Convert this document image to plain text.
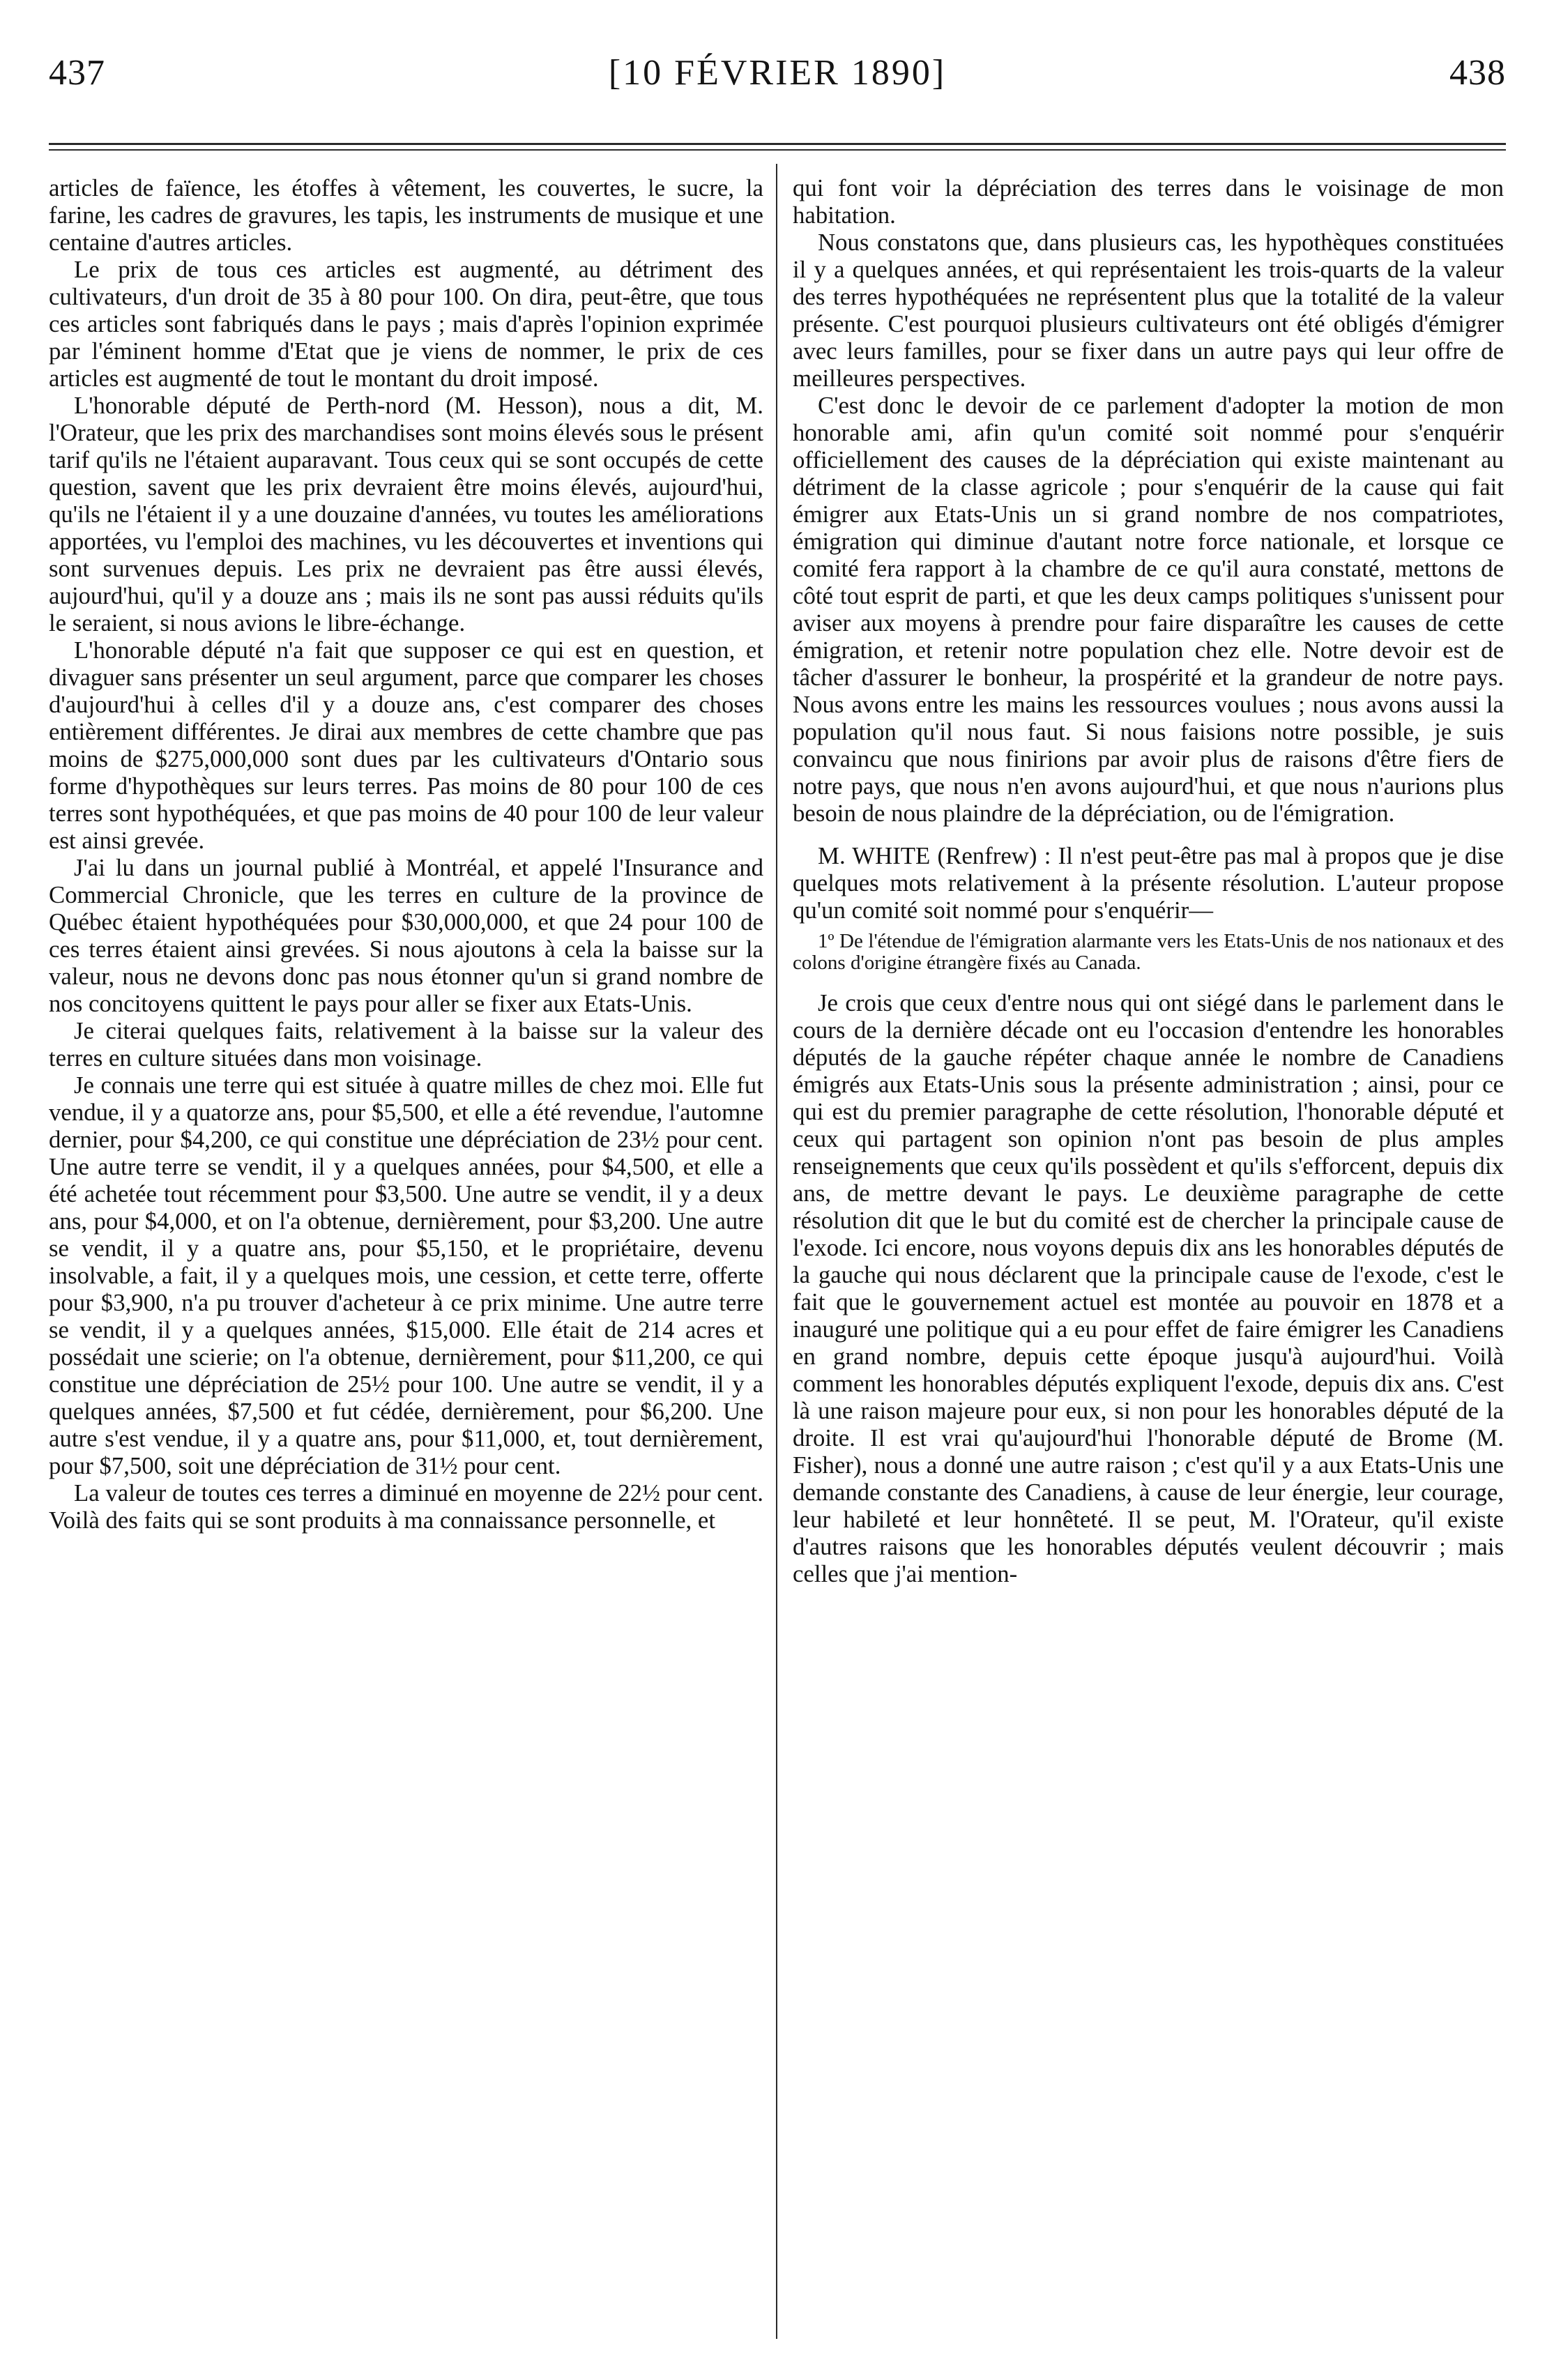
437	[10 FÉVRIER 1890]	438

articles de faïence, les étoffes à vêtement, les couvertes, le sucre, la farine, les cadres de gravures, les tapis, les instruments de musique et une centaine d'autres articles.

Le prix de tous ces articles est augmenté, au détriment des cultivateurs, d'un droit de 35 à 80 pour 100. On dira, peut-être, que tous ces articles sont fabriqués dans le pays ; mais d'après l'opinion exprimée par l'éminent homme d'Etat que je viens de nommer, le prix de ces articles est augmenté de tout le montant du droit imposé.

L'honorable député de Perth-nord (M. Hesson), nous a dit, M. l'Orateur, que les prix des marchandises sont moins élevés sous le présent tarif qu'ils ne l'étaient auparavant. Tous ceux qui se sont occupés de cette question, savent que les prix devraient être moins élevés, aujourd'hui, qu'ils ne l'étaient il y a une douzaine d'années, vu toutes les améliorations apportées, vu l'emploi des machines, vu les découvertes et inventions qui sont survenues depuis. Les prix ne devraient pas être aussi élevés, aujourd'hui, qu'il y a douze ans ; mais ils ne sont pas aussi réduits qu'ils le seraient, si nous avions le libre-échange.

L'honorable député n'a fait que supposer ce qui est en question, et divaguer sans présenter un seul argument, parce que comparer les choses d'aujourd'hui à celles d'il y a douze ans, c'est comparer des choses entièrement différentes. Je dirai aux membres de cette chambre que pas moins de $275,000,000 sont dues par les cultivateurs d'Ontario sous forme d'hypothèques sur leurs terres. Pas moins de 80 pour 100 de ces terres sont hypothéquées, et que pas moins de 40 pour 100 de leur valeur est ainsi grevée.

J'ai lu dans un journal publié à Montréal, et appelé l'Insurance and Commercial Chronicle, que les terres en culture de la province de Québec étaient hypothéquées pour $30,000,000, et que 24 pour 100 de ces terres étaient ainsi grevées. Si nous ajoutons à cela la baisse sur la valeur, nous ne devons donc pas nous étonner qu'un si grand nombre de nos concitoyens quittent le pays pour aller se fixer aux Etats-Unis.

Je citerai quelques faits, relativement à la baisse sur la valeur des terres en culture situées dans mon voisinage.

Je connais une terre qui est située à quatre milles de chez moi. Elle fut vendue, il y a quatorze ans, pour $5,500, et elle a été revendue, l'automne dernier, pour $4,200, ce qui constitue une dépréciation de 23½ pour cent. Une autre terre se vendit, il y a quelques années, pour $4,500, et elle a été achetée tout récemment pour $3,500. Une autre se vendit, il y a deux ans, pour $4,000, et on l'a obtenue, dernièrement, pour $3,200. Une autre se vendit, il y a quatre ans, pour $5,150, et le propriétaire, devenu insolvable, a fait, il y a quelques mois, une cession, et cette terre, offerte pour $3,900, n'a pu trouver d'acheteur à ce prix minime. Une autre terre se vendit, il y a quelques années, $15,000. Elle était de 214 acres et possédait une scierie; on l'a obtenue, dernièrement, pour $11,200, ce qui constitue une dépréciation de 25½ pour 100. Une autre se vendit, il y a quelques années, $7,500 et fut cédée, dernièrement, pour $6,200. Une autre s'est vendue, il y a quatre ans, pour $11,000, et, tout dernièrement, pour $7,500, soit une dépréciation de 31½ pour cent.

La valeur de toutes ces terres a diminué en moyenne de 22½ pour cent. Voilà des faits qui se sont produits à ma connaissance personnelle, et

qui font voir la dépréciation des terres dans le voisinage de mon habitation.

Nous constatons que, dans plusieurs cas, les hypothèques constituées il y a quelques années, et qui représentaient les trois-quarts de la valeur des terres hypothéquées ne représentent plus que la totalité de la valeur présente. C'est pourquoi plusieurs cultivateurs ont été obligés d'émigrer avec leurs familles, pour se fixer dans un autre pays qui leur offre de meilleures perspectives.

C'est donc le devoir de ce parlement d'adopter la motion de mon honorable ami, afin qu'un comité soit nommé pour s'enquérir officiellement des causes de la dépréciation qui existe maintenant au détriment de la classe agricole ; pour s'enquérir de la cause qui fait émigrer aux Etats-Unis un si grand nombre de nos compatriotes, émigration qui diminue d'autant notre force nationale, et lorsque ce comité fera rapport à la chambre de ce qu'il aura constaté, mettons de côté tout esprit de parti, et que les deux camps politiques s'unissent pour aviser aux moyens à prendre pour faire disparaître les causes de cette émigration, et retenir notre population chez elle. Notre devoir est de tâcher d'assurer le bonheur, la prospérité et la grandeur de notre pays. Nous avons entre les mains les ressources voulues ; nous avons aussi la population qu'il nous faut. Si nous faisions notre possible, je suis convaincu que nous finirions par avoir plus de raisons d'être fiers de notre pays, que nous n'en avons aujourd'hui, et que nous n'aurions plus besoin de nous plaindre de la dépréciation, ou de l'émigration.

M. WHITE (Renfrew) : Il n'est peut-être pas mal à propos que je dise quelques mots relativement à la présente résolution. L'auteur propose qu'un comité soit nommé pour s'enquérir—

1º De l'étendue de l'émigration alarmante vers les Etats-Unis de nos nationaux et des colons d'origine étrangère fixés au Canada.

Je crois que ceux d'entre nous qui ont siégé dans le parlement dans le cours de la dernière décade ont eu l'occasion d'entendre les honorables députés de la gauche répéter chaque année le nombre de Canadiens émigrés aux Etats-Unis sous la présente administration ; ainsi, pour ce qui est du premier paragraphe de cette résolution, l'honorable député et ceux qui partagent son opinion n'ont pas besoin de plus amples renseignements que ceux qu'ils possèdent et qu'ils s'efforcent, depuis dix ans, de mettre devant le pays. Le deuxième paragraphe de cette résolution dit que le but du comité est de chercher la principale cause de l'exode. Ici encore, nous voyons depuis dix ans les honorables députés de la gauche qui nous déclarent que la principale cause de l'exode, c'est le fait que le gouvernement actuel est montée au pouvoir en 1878 et a inauguré une politique qui a eu pour effet de faire émigrer les Canadiens en grand nombre, depuis cette époque jusqu'à aujourd'hui. Voilà comment les honorables députés expliquent l'exode, depuis dix ans. C'est là une raison majeure pour eux, si non pour les honorables député de la droite. Il est vrai qu'aujourd'hui l'honorable député de Brome (M. Fisher), nous a donné une autre raison ; c'est qu'il y a aux Etats-Unis une demande constante des Canadiens, à cause de leur énergie, leur courage, leur habileté et leur honnêteté. Il se peut, M. l'Orateur, qu'il existe d'autres raisons que les honorables députés veulent découvrir ; mais celles que j'ai mention-
